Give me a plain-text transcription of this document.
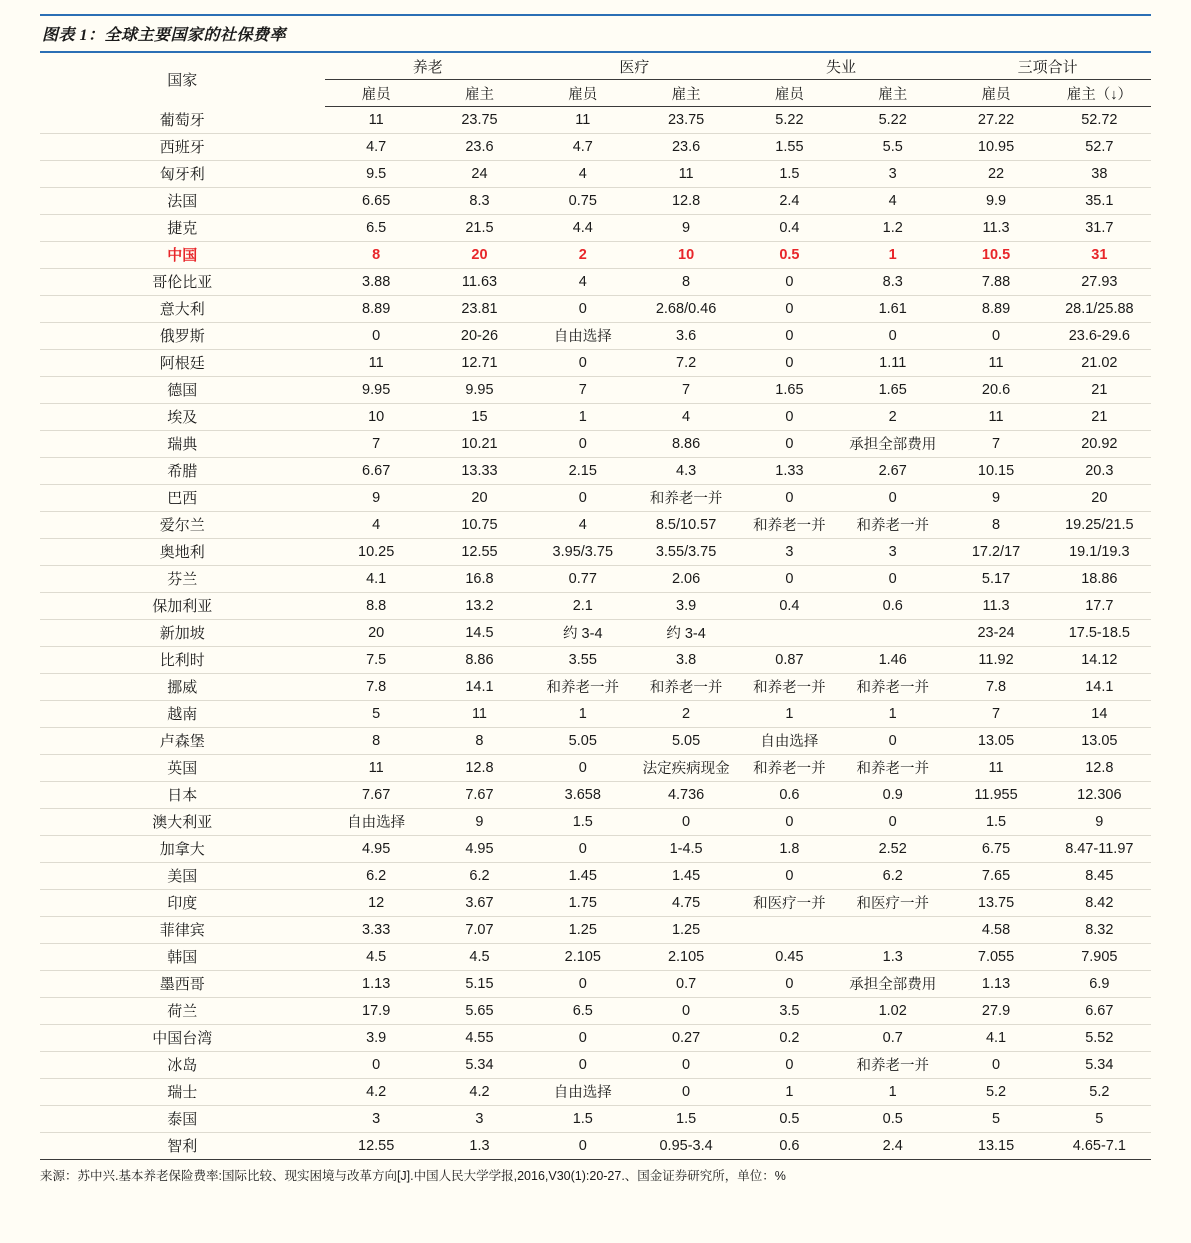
图表 1：全球主要国家的社保费率
国家	养老		医疗		失业		三项合计	
	雇员	雇主	雇员	雇主	雇员	雇主	雇员	雇主（↓）
葡萄牙	11	23.75	11	23.75	5.22	5.22	27.22	52.72
西班牙	4.7	23.6	4.7	23.6	1.55	5.5	10.95	52.7
匈牙利	9.5	24	4	11	1.5	3	22	38
法国	6.65	8.3	0.75	12.8	2.4	4	9.9	35.1
捷克	6.5	21.5	4.4	9	0.4	1.2	11.3	31.7
中国	8	20	2	10	0.5	1	10.5	31
哥伦比亚	3.88	11.63	4	8	0	8.3	7.88	27.93
意大利	8.89	23.81	0	2.68/0.46	0	1.61	8.89	28.1/25.88
俄罗斯	0	20-26	自由选择	3.6	0	0	0	23.6-29.6
阿根廷	11	12.71	0	7.2	0	1.11	11	21.02
德国	9.95	9.95	7	7	1.65	1.65	20.6	21
埃及	10	15	1	4	0	2	11	21
瑞典	7	10.21	0	8.86	0	承担全部费用	7	20.92
希腊	6.67	13.33	2.15	4.3	1.33	2.67	10.15	20.3
巴西	9	20	0	和养老一并	0	0	9	20
爱尔兰	4	10.75	4	8.5/10.57	和养老一并	和养老一并	8	19.25/21.5
奥地利	10.25	12.55	3.95/3.75	3.55/3.75	3	3	17.2/17	19.1/19.3
芬兰	4.1	16.8	0.77	2.06	0	0	5.17	18.86
保加利亚	8.8	13.2	2.1	3.9	0.4	0.6	11.3	17.7
新加坡	20	14.5	约 3-4	约 3-4			23-24	17.5-18.5
比利时	7.5	8.86	3.55	3.8	0.87	1.46	11.92	14.12
挪威	7.8	14.1	和养老一并	和养老一并	和养老一并	和养老一并	7.8	14.1
越南	5	11	1	2	1	1	7	14
卢森堡	8	8	5.05	5.05	自由选择	0	13.05	13.05
英国	11	12.8	0	法定疾病现金	和养老一并	和养老一并	11	12.8
日本	7.67	7.67	3.658	4.736	0.6	0.9	11.955	12.306
澳大利亚	自由选择	9	1.5	0	0	0	1.5	9
加拿大	4.95	4.95	0	1-4.5	1.8	2.52	6.75	8.47-11.97
美国	6.2	6.2	1.45	1.45	0	6.2	7.65	8.45
印度	12	3.67	1.75	4.75	和医疗一并	和医疗一并	13.75	8.42
菲律宾	3.33	7.07	1.25	1.25			4.58	8.32
韩国	4.5	4.5	2.105	2.105	0.45	1.3	7.055	7.905
墨西哥	1.13	5.15	0	0.7	0	承担全部费用	1.13	6.9
荷兰	17.9	5.65	6.5	0	3.5	1.02	27.9	6.67
中国台湾	3.9	4.55	0	0.27	0.2	0.7	4.1	5.52
冰岛	0	5.34	0	0	0	和养老一并	0	5.34
瑞士	4.2	4.2	自由选择	0	1	1	5.2	5.2
泰国	3	3	1.5	1.5	0.5	0.5	5	5
智利	12.55	1.3	0	0.95-3.4	0.6	2.4	13.15	4.65-7.1
来源：苏中兴.基本养老保险费率:国际比较、现实困境与改革方向[J].中国人民大学学报,2016,V30(1):20-27.、国金证券研究所，单位：%
